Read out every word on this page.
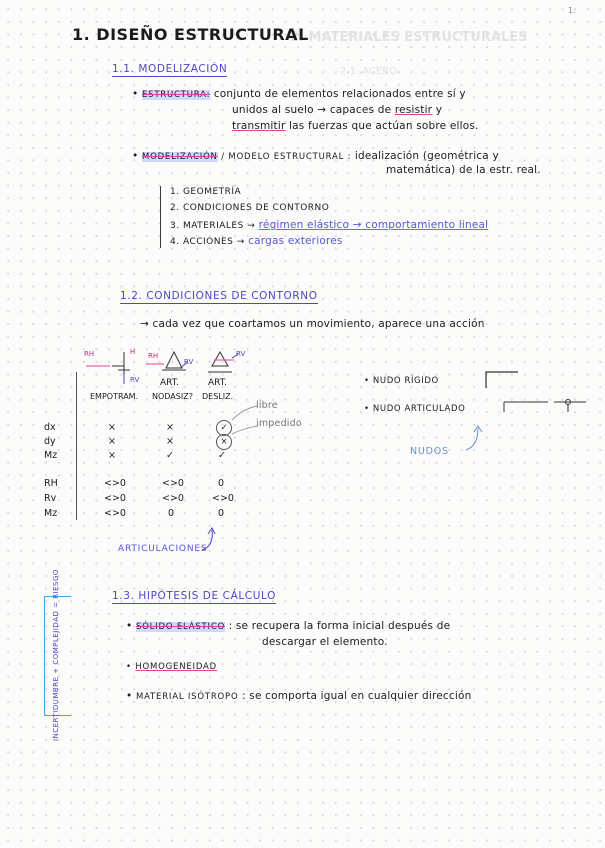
1.
2. MATERIALES ESTRUCTURALES
2.1. ACERO
1. DISEÑO ESTRUCTURAL
1.1. MODELIZACIÓN
• ESTRUCTURA: conjunto de elementos relacionados entre sí y
unidos al suelo → capaces de resistir y
transmitir las fuerzas que actúan sobre ellos.
• MODELIZACIÓN / MODELO ESTRUCTURAL : idealización (geométrica y
matemática) de la estr. real.
1. GEOMETRÍA
2. CONDICIONES DE CONTORNO
3. MATERIALES → régimen elástico → comportamiento lineal
4. ACCIONES → cargas exteriores
1.2. CONDICIONES DE CONTORNO
→ cada vez que coartamos un movimiento, aparece una acción
RH	H
RV
RH
RV
RV
ART.	ART.
EMPOTRAM. NODASIZ? DESLIZ.
dx	×	×	✓
dy	×	×	×
Mz	×	✓	✓
libre
impedido
RH	<>0	<>0	0
Rv	<>0	<>0	<>0
Mz	<>0	0	0
ARTICULACIONES
• NUDO RÍGIDO
• NUDO ARTICULADO
NUDOS
1.3. HIPÓTESIS DE CÁLCULO
• SÓLIDO ELÁSTICO : se recupera la forma inicial después de
descargar el elemento.
• HOMOGENEIDAD
• MATERIAL ISÓTROPO : se comporta igual en cualquier dirección
INCERTIDUMBRE + COMPLEJIDAD = RIESGO
